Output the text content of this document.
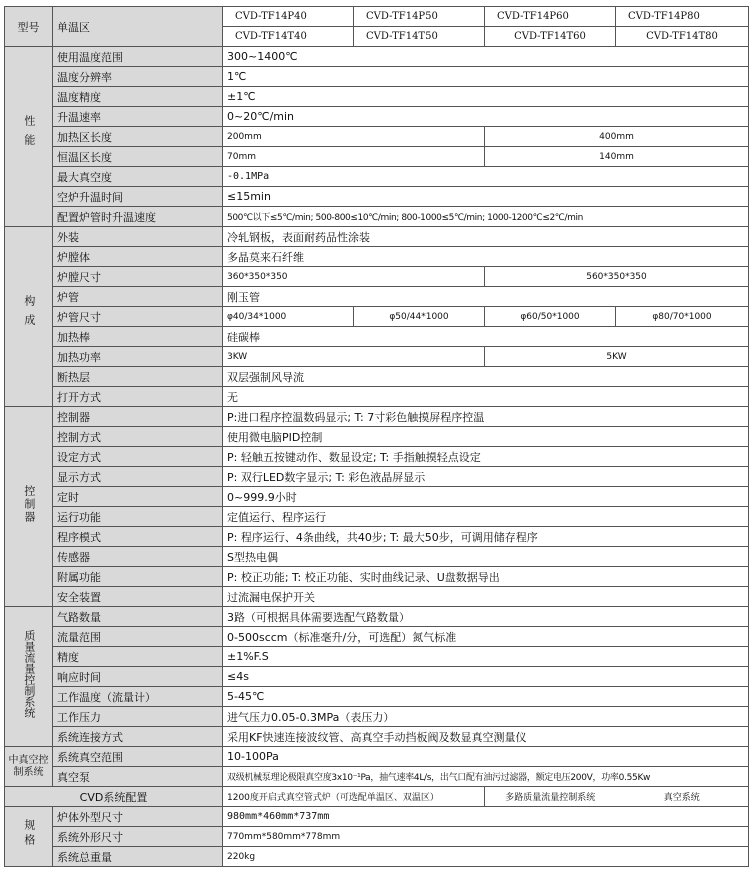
型号	单温区	CVD-TF14P40	CVD-TF14P50	CVD-TF14P60	CVD-TF14P80
		CVD-TF14T40	CVD-TF14T50	CVD-TF14T60	CVD-TF14T80
性能	使用温度范围	300~1400℃			
	温度分辨率	1℃			
	温度精度	±1℃			
	升温速率	0~20℃/min			
	加热区长度	200mm		400mm	
	恒温区长度	70mm		140mm	
	最大真空度	-0.1MPa			
	空炉升温时间	≤15min			
	配置炉管时升温速度	500℃以下≤5℃/min; 500-800≤10℃/min; 800-1000≤5℃/min; 1000-1200℃≤2℃/min			
构成	外装	冷轧钢板，表面耐药品性涂装			
	炉膛体	多晶莫来石纤维			
	炉膛尺寸	360*350*350		560*350*350	
	炉管	刚玉管			
	炉管尺寸	φ40/34*1000	φ50/44*1000	φ60/50*1000	φ80/70*1000
	加热棒	硅碳棒			
	加热功率	3KW		5KW	
	断热层	双层强制风导流			
	打开方式	无			
控制器	控制器	P:进口程序控温数码显示; T: 7寸彩色触摸屏程序控温			
	控制方式	使用微电脑PID控制			
	设定方式	P: 轻触五按键动作、数显设定; T: 手指触摸轻点设定			
	显示方式	P: 双行LED数字显示; T: 彩色液晶屏显示			
	定时	0~999.9小时			
	运行功能	定值运行、程序运行			
	程序模式	P: 程序运行、4条曲线，共40步; T: 最大50步，可调用储存程序			
	传感器	S型热电偶			
	附属功能	P: 校正功能; T: 校正功能、实时曲线记录、U盘数据导出			
	安全装置	过流漏电保护开关			
质量流量控制系统	气路数量	3路（可根据具体需要选配气路数量）			
	流量范围	0-500sccm（标准毫升/分，可选配）氮气标准			
	精度	±1%F.S			
	响应时间	≤4s			
	工作温度（流量计）	5-45℃			
	工作压力	进气压力0.05-0.3MPa（表压力）			
	系统连接方式	采用KF快速连接波纹管、高真空手动挡板阀及数显真空测量仪			
中真空控制系统	系统真空范围	10-100Pa			
	真空泵	双级机械泵理论极限真空度3x10⁻¹Pa，抽气速率4L/s，出气口配有油污过滤器，额定电压200V，功率0.55Kw			
CVD系统配置		1200度开启式真空管式炉（可选配单温区、双温区）		多路质量流量控制系统	真空系统
规格	炉体外型尺寸	980mm*460mm*737mm			
	系统外形尺寸	770mm*580mm*778mm			
	系统总重量	220kg			
